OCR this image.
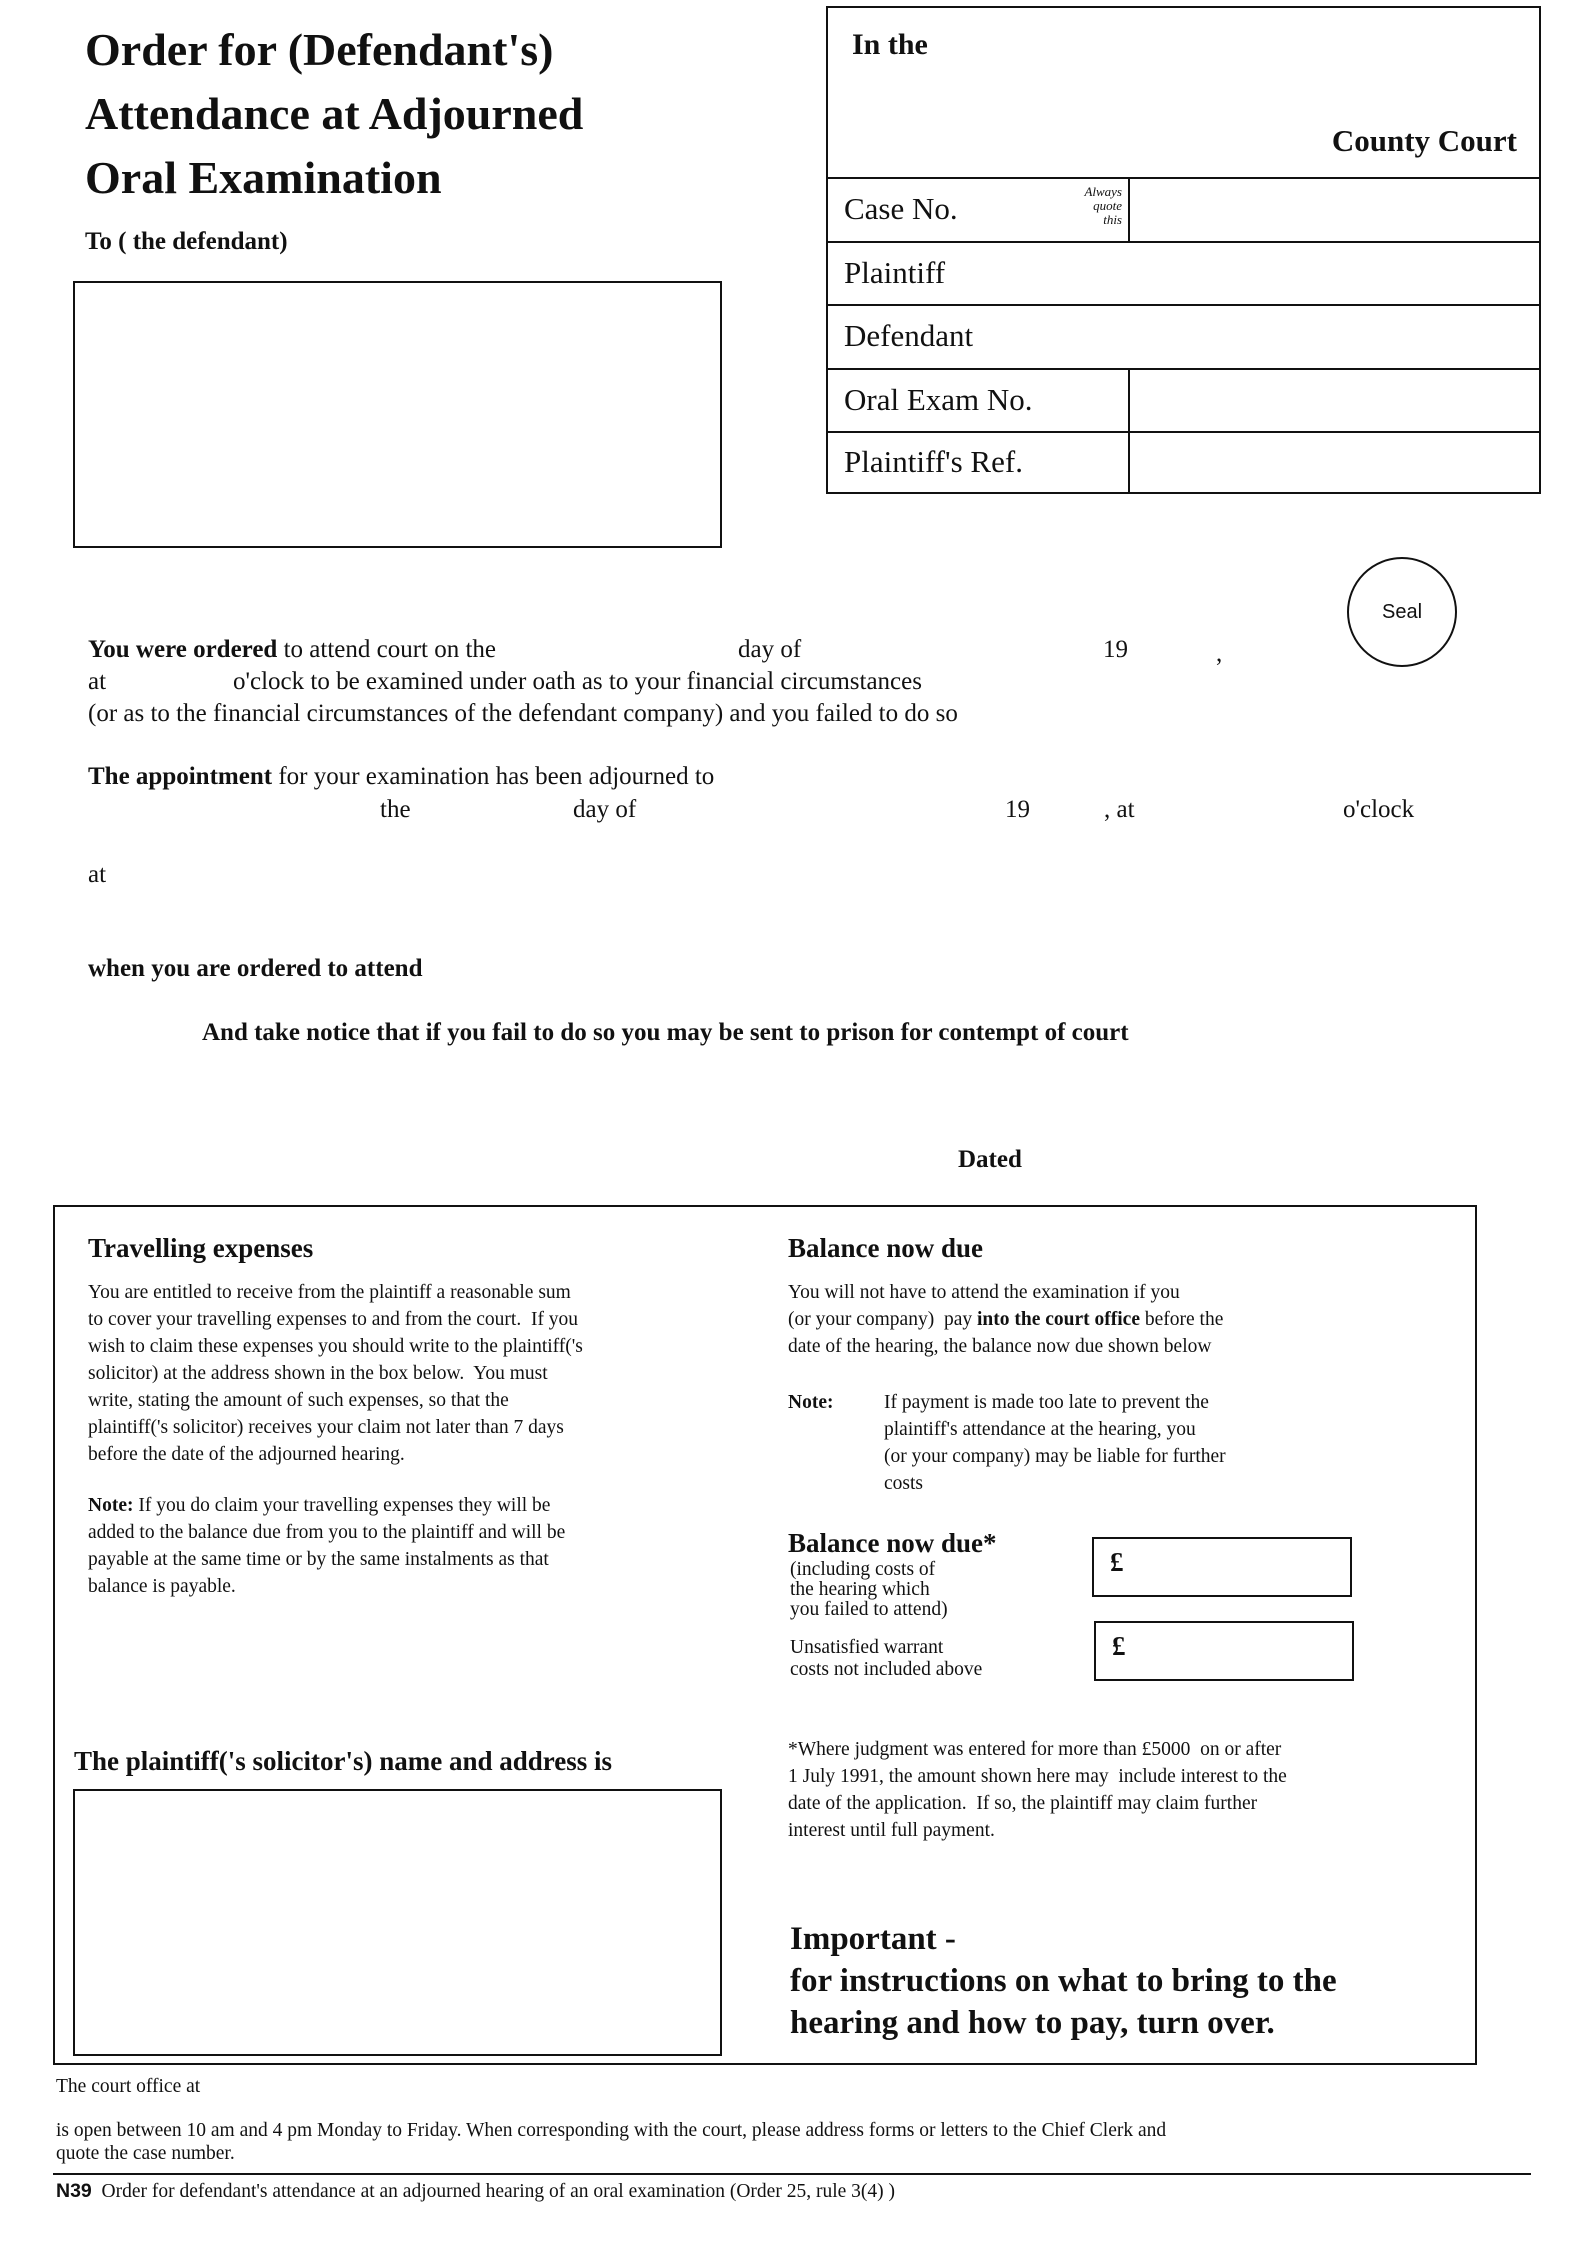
Order for (Defendant's)
Attendance at Adjourned
Oral Examination
To ( the defendant)
In the
County Court
Case No.	Always
quote
this
Plaintiff
Defendant
Oral Exam No.
Plaintiff's Ref.
Seal
You were ordered to attend court on the	day of	19	,
at	o'clock to be examined under oath as to your financial circumstances
(or as to the financial circumstances of the defendant company) and you failed to do so
The appointment for your examination has been adjourned to
the	day of	19	, at	o'clock
at
when you are ordered to attend
And take notice that if you fail to do so you may be sent to prison for contempt of court
Dated
Travelling expenses
You are entitled to receive from the plaintiff a reasonable sum
to cover your travelling expenses to and from the court.  If you
wish to claim these expenses you should write to the plaintiff('s
solicitor) at the address shown in the box below.  You must
write, stating the amount of such expenses, so that the
plaintiff('s solicitor) receives your claim not later than 7 days
before the date of the adjourned hearing.
Note: If you do claim your travelling expenses they will be
added to the balance due from you to the plaintiff and will be
payable at the same time or by the same instalments as that
balance is payable.
The plaintiff('s solicitor's) name and address is
Balance now due
You will not have to attend the examination if you
(or your company)  pay into the court office before the
date of the hearing, the balance now due shown below
Note:	If payment is made too late to prevent the
plaintiff's attendance at the hearing, you
(or your company) may be liable for further
costs
Balance now due*
(including costs of
the hearing which
you failed to attend)
£
Unsatisfied warrant
costs not included above
£
*Where judgment was entered for more than £5000  on or after
1 July 1991, the amount shown here may  include interest to the
date of the application.  If so, the plaintiff may claim further
interest until full payment.
Important -
for instructions on what to bring to the
hearing and how to pay, turn over.
The court office at
is open between 10 am and 4 pm Monday to Friday. When corresponding with the court, please address forms or letters to the Chief Clerk and
quote the case number.
N39  Order for defendant's attendance at an adjourned hearing of an oral examination (Order 25, rule 3(4) )
